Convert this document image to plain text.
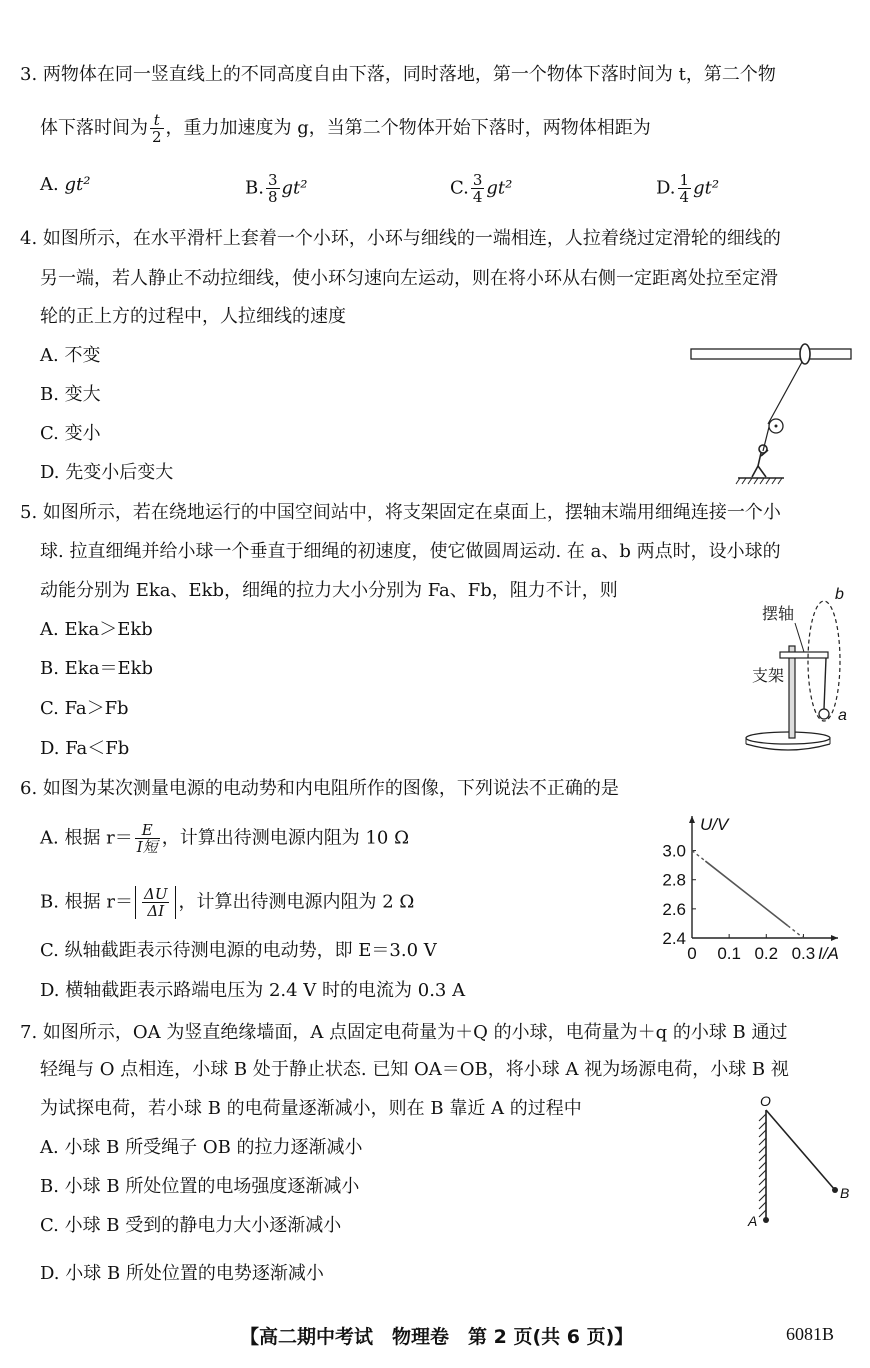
3. 两物体在同一竖直线上的不同高度自由下落，同时落地，第一个物体下落时间为 t，第二个物
体下落时间为 $\frac{t}{2}$ ，重力加速度为 g，当第二个物体开始下落时，两物体相距为
A. gt²	B. $\frac{3}{8} gt^2$	C. $\frac{3}{4} gt^2$	D. $\frac{1}{4} gt^2$
4. 如图所示，在水平滑杆上套着一个小环，小环与细线的一端相连，人拉着绕过定滑轮的细线的
另一端，若人静止不动拉细线，使小环匀速向左运动，则在将小环从右侧一定距离处拉至定滑
轮的正上方的过程中，人拉细线的速度
A. 不变
B. 变大
C. 变小
D. 先变小后变大
5. 如图所示，若在绕地运行的中国空间站中，将支架固定在桌面上，摆轴末端用细绳连接一个小
球. 拉直细绳并给小球一个垂直于细绳的初速度，使它做圆周运动. 在 a、b 两点时，设小球的
动能分别为 Ekа、Ekb，细绳的拉力大小分别为 Fa、Fb，阻力不计，则
A. Ekа＞Ekb
B. Ekа＝Ekb
C. Fa＞Fb
D. Fa＜Fb
摆轴
支架
a
b
6. 如图为某次测量电源的电动势和内电阻所作的图像，下列说法不正确的是
A. 根据 $r= \frac{E}{\text{I短}}$ ，计算出待测电源内阻为 10 Ω
B. 根据 $r= \frac{\Delta U}{\Delta I}$ ，计算出待测电源内阻为 2 Ω
C. 纵轴截距表示待测电源的电动势，即 E＝3.0 V
D. 横轴截距表示路端电压为 2.4 V 时的电流为 0.3 A
2.4
2.6
2.8
3.0
0 0.1 0.2 0.3
U/V
I/A
7. 如图所示，OA 为竖直绝缘墙面，A 点固定电荷量为＋Q 的小球，电荷量为＋q 的小球 B 通过
轻绳与 O 点相连，小球 B 处于静止状态. 已知 OA＝OB，将小球 A 视为场源电荷，小球 B 视
为试探电荷，若小球 B 的电荷量逐渐减小，则在 B 靠近 A 的过程中
A. 小球 B 所受绳子 OB 的拉力逐渐减小
B. 小球 B 所处位置的电场强度逐渐减小
C. 小球 B 受到的静电力大小逐渐减小
D. 小球 B 所处位置的电势逐渐减小
O
A
B
【高二期中考试　物理卷　第 2 页(共 6 页)】	6081B
